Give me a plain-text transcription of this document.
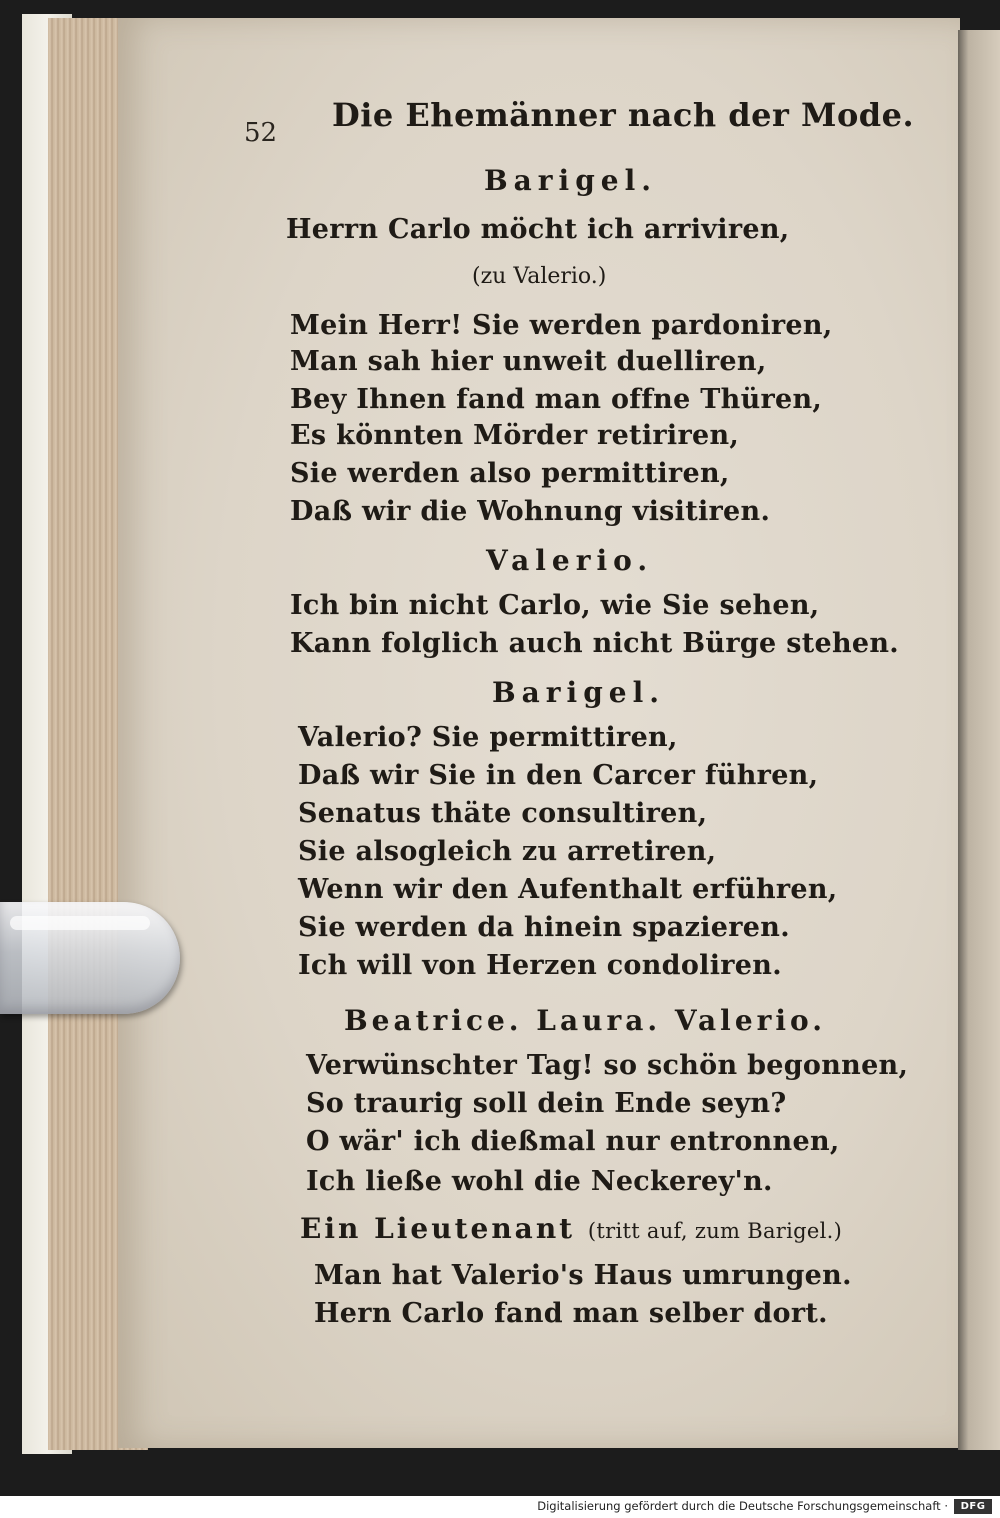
52 Die Ehemänner nach der Mode.
Barigel.
Herrn Carlo möcht ich arriviren,
(zu Valerio.)
Mein Herr! Sie werden pardoniren,
Man sah hier unweit duelliren,
Bey Ihnen fand man offne Thüren,
Es könnten Mörder retiriren,
Sie werden also permittiren,
Daß wir die Wohnung visitiren.
Valerio.
Ich bin nicht Carlo, wie Sie sehen,
Kann folglich auch nicht Bürge stehen.
Barigel.
Valerio? Sie permittiren,
Daß wir Sie in den Carcer führen,
Senatus thäte consultiren,
Sie alsogleich zu arretiren,
Wenn wir den Aufenthalt erführen,
Sie werden da hinein spazieren.
Ich will von Herzen condoliren.
Beatrice. Laura. Valerio.
Verwünschter Tag! so schön begonnen,
So traurig soll dein Ende seyn?
O wär' ich dießmal nur entronnen,
Ich ließe wohl die Neckerey'n.
Ein Lieutenant (tritt auf, zum Barigel.)
Man hat Valerio's Haus umrungen.
Hern Carlo fand man selber dort.
Digitalisierung gefördert durch die Deutsche Forschungsgemeinschaft ·	DFG
